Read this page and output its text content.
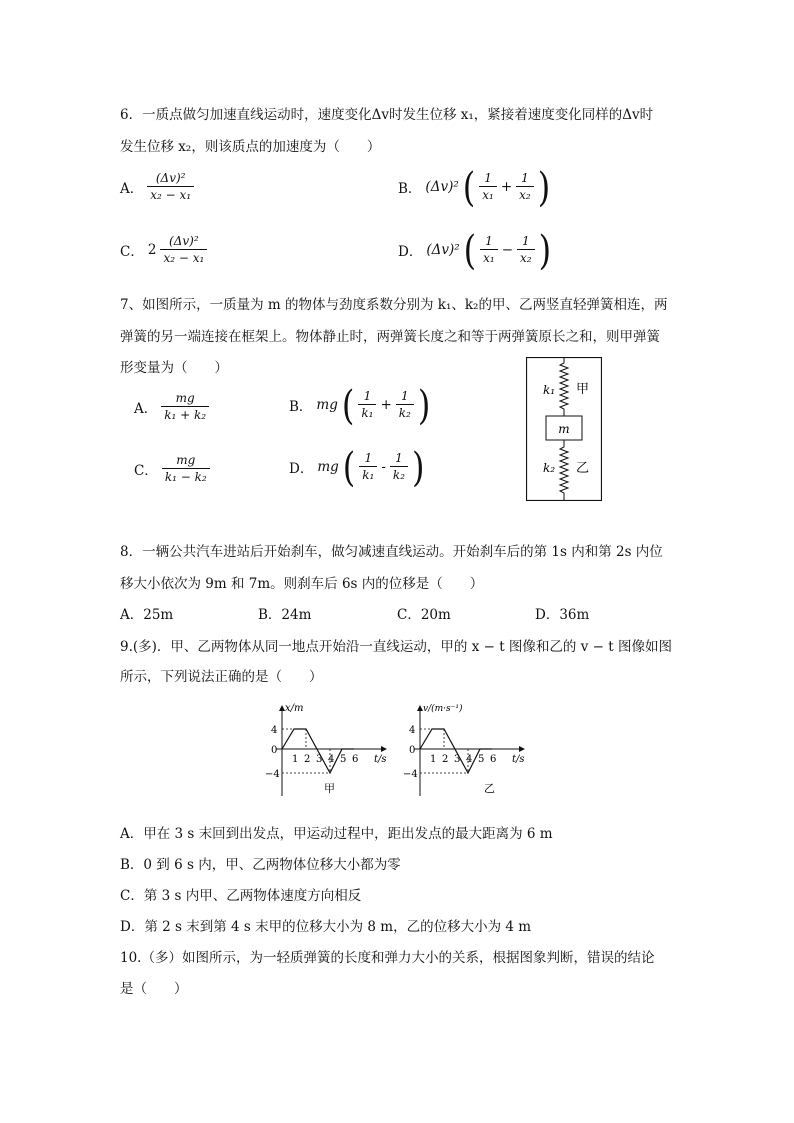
6．一质点做匀加速直线运动时，速度变化Δv时发生位移 x₁，紧接着速度变化同样的Δv时
发生位移 x₂，则该质点的加速度为（　　）
A． $\frac{\text{(Δv)²}}{\text{x₂ − x₁}}$	B． (Δv)² ( $\frac{1}{\text{x₁}} + \frac{1}{\text{x₂}}$ )
C． $2 \frac{\text{(Δv)²}}{\text{x₂ − x₁}}$	D． (Δv)² ( $\frac{1}{\text{x₁}} - \frac{1}{\text{x₂}}$ )
7、如图所示，一质量为 m 的物体与劲度系数分别为 k₁、k₂的甲、乙两竖直轻弹簧相连，两
弹簧的另一端连接在框架上。物体静止时，两弹簧长度之和等于两弹簧原长之和，则甲弹簧
形变量为（　　）
A． $\frac{mg}{\text{k₁ + k₂}}$	B． mg ( $\frac{1}{\text{k₁}} + \frac{1}{\text{k₂}}$ )
C． $\frac{mg}{\text{k₁ − k₂}}$	D． mg ( $\frac{1}{\text{k₁}} - \frac{1}{\text{k₂}}$ )
m
k₁ 甲
k₂ 乙
8．一辆公共汽车进站后开始刹车，做匀减速直线运动。开始刹车后的第 1s 内和第 2s 内位
移大小依次为 9m 和 7m。则刹车后 6s 内的位移是（　　）
A．25m	B．24m	C．20m	D．36m
9.(多)．甲、乙两物体从同一地点开始沿一直线运动，甲的 x − t 图像和乙的 v − t 图像如图
所示，下列说法正确的是（　　）
x/m
t/s
4
0
−4
1 2 3 4 5 6
甲
v/(m·s⁻¹)
t/s
4
0
−4
1 2 3 4 5 6
乙
A．甲在 3 s 末回到出发点，甲运动过程中，距出发点的最大距离为 6 m
B．0 到 6 s 内，甲、乙两物体位移大小都为零
C．第 3 s 内甲、乙两物体速度方向相反
D．第 2 s 末到第 4 s 末甲的位移大小为 8 m，乙的位移大小为 4 m
10.（多）如图所示，为一轻质弹簧的长度和弹力大小的关系，根据图象判断，错误的结论
是（　　）
